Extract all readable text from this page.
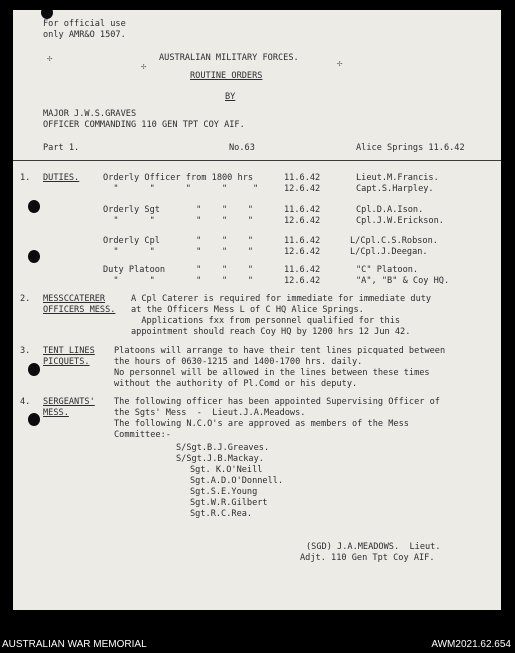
✢
✢	✢
For official use
only AMR&O 1507.
AUSTRALIAN MILITARY FORCES.
ROUTINE ORDERS
BY
MAJOR J.W.S.GRAVES
OFFICER COMMANDING 110 GEN TPT COY AIF.
Part 1.	No.63	Alice Springs 11.6.42
1. DUTIES.	Orderly Officer from 1800 hrs	11.6.42	Lieut.M.Francis.
"      "      "      "     "	12.6.42	Capt.S.Harpley.
Orderly Sgt       "    "    "	11.6.42	Cpl.D.A.Ison.
"      "        "    "    "	12.6.42	Cpl.J.W.Erickson.
Orderly Cpl       "    "    "	11.6.42	L/Cpl.C.S.Robson.
"      "        "    "    "	12.6.42	L/Cpl.J.Deegan.
Duty Platoon      "    "    "	11.6.42	"C" Platoon.
"      "        "    "    "	12.6.42	"A", "B" & Coy HQ.
2. MESSCCATERER
OFFICERS MESS.
A Cpl Caterer is required for immediate for immediate duty
at the Officers Mess L of C HQ Alice Springs.
Applications fxx from personnel qualified for this
appointment should reach Coy HQ by 1200 hrs 12 Jun 42.
3. TENT LINES
PICQUETS.
Platoons will arrange to have their tent lines picquated between
the hours of 0630-1215 and 1400-1700 hrs. daily.
No personnel will be allowed in the lines between these times
without the authority of Pl.Comd or his deputy.
4. SERGEANTS'
MESS.
The following officer has been appointed Supervising Officer of
the Sgts' Mess  -  Lieut.J.A.Meadows.
The following N.C.O's are approved as members of the Mess
Committee:-
S/Sgt.B.J.Greaves.
S/Sgt.J.B.Mackay.
Sgt. K.O'Neill
Sgt.A.D.O'Donnell.
Sgt.S.E.Young
Sgt.W.R.Gilbert
Sgt.R.C.Rea.
(SGD) J.A.MEADOWS.  Lieut.
Adjt. 110 Gen Tpt Coy AIF.
AUSTRALIAN WAR MEMORIAL	AWM2021.62.654
